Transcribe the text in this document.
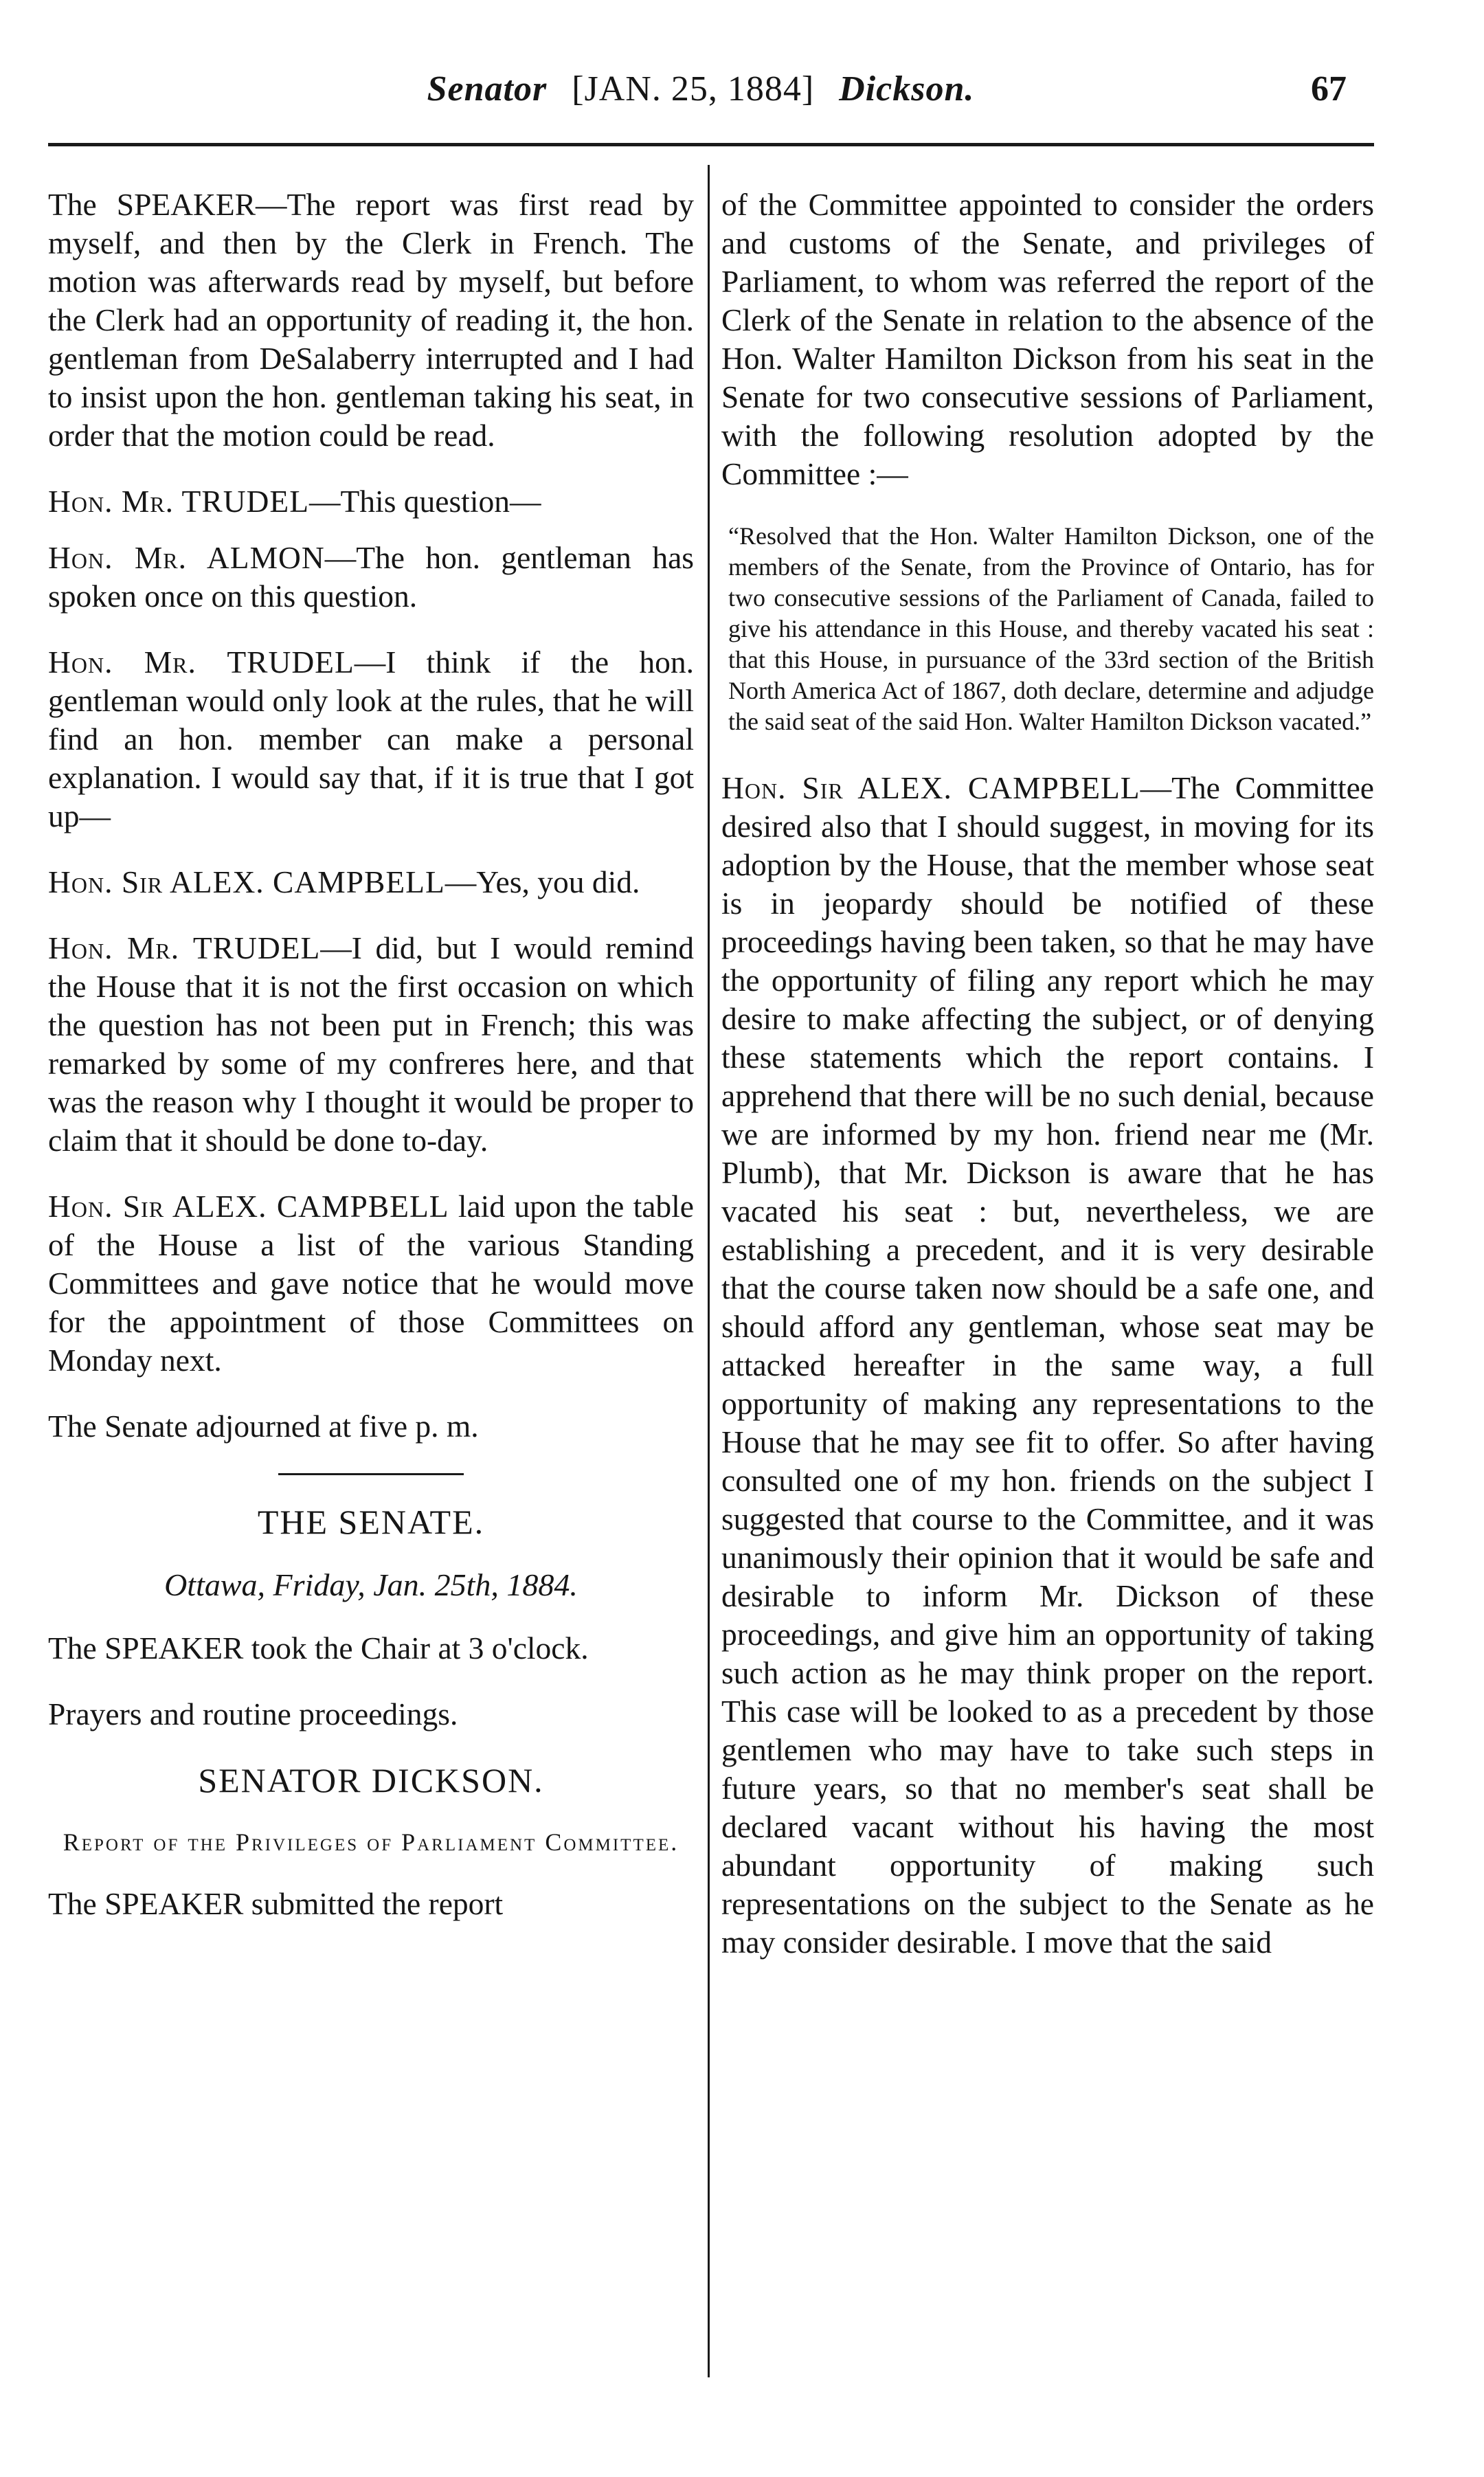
Senator [JAN. 25, 1884] Dickson.	67

The SPEAKER—The report was first read by myself, and then by the Clerk in French. The motion was afterwards read by myself, but before the Clerk had an opportunity of reading it, the hon. gentleman from DeSalaberry interrupted and I had to insist upon the hon. gentleman taking his seat, in order that the motion could be read.

Hon. Mr. TRUDEL—This question—

Hon. Mr. ALMON—The hon. gentleman has spoken once on this question.

Hon. Mr. TRUDEL—I think if the hon. gentleman would only look at the rules, that he will find an hon. member can make a personal explanation. I would say that, if it is true that I got up—

Hon. Sir ALEX. CAMPBELL—Yes, you did.

Hon. Mr. TRUDEL—I did, but I would remind the House that it is not the first occasion on which the question has not been put in French; this was remarked by some of my confreres here, and that was the reason why I thought it would be proper to claim that it should be done to-day.

Hon. Sir ALEX. CAMPBELL laid upon the table of the House a list of the various Standing Committees and gave notice that he would move for the appointment of those Committees on Monday next.

The Senate adjourned at five p. m.

THE SENATE.
Ottawa, Friday, Jan. 25th, 1884.

The SPEAKER took the Chair at 3 o'clock.

Prayers and routine proceedings.

SENATOR DICKSON.
Report of the Privileges of Parliament Committee.

The SPEAKER submitted the report

of the Committee appointed to consider the orders and customs of the Senate, and privileges of Parliament, to whom was referred the report of the Clerk of the Senate in relation to the absence of the Hon. Walter Hamilton Dickson from his seat in the Senate for two consecutive sessions of Parliament, with the following resolution adopted by the Committee :—

“Resolved that the Hon. Walter Hamilton Dickson, one of the members of the Senate, from the Province of Ontario, has for two consecutive sessions of the Parliament of Canada, failed to give his attendance in this House, and thereby vacated his seat : that this House, in pursuance of the 33rd section of the British North America Act of 1867, doth declare, determine and adjudge the said seat of the said Hon. Walter Hamilton Dickson vacated.”

Hon. Sir ALEX. CAMPBELL—The Committee desired also that I should suggest, in moving for its adoption by the House, that the member whose seat is in jeopardy should be notified of these proceedings having been taken, so that he may have the opportunity of filing any report which he may desire to make affecting the subject, or of denying these statements which the report contains. I apprehend that there will be no such denial, because we are informed by my hon. friend near me (Mr. Plumb), that Mr. Dickson is aware that he has vacated his seat : but, nevertheless, we are establishing a precedent, and it is very desirable that the course taken now should be a safe one, and should afford any gentleman, whose seat may be attacked hereafter in the same way, a full opportunity of making any representations to the House that he may see fit to offer. So after having consulted one of my hon. friends on the subject I suggested that course to the Committee, and it was unanimously their opinion that it would be safe and desirable to inform Mr. Dickson of these proceedings, and give him an opportunity of taking such action as he may think proper on the report. This case will be looked to as a precedent by those gentlemen who may have to take such steps in future years, so that no member's seat shall be declared vacant without his having the most abundant opportunity of making such representations on the subject to the Senate as he may consider desirable. I move that the said
